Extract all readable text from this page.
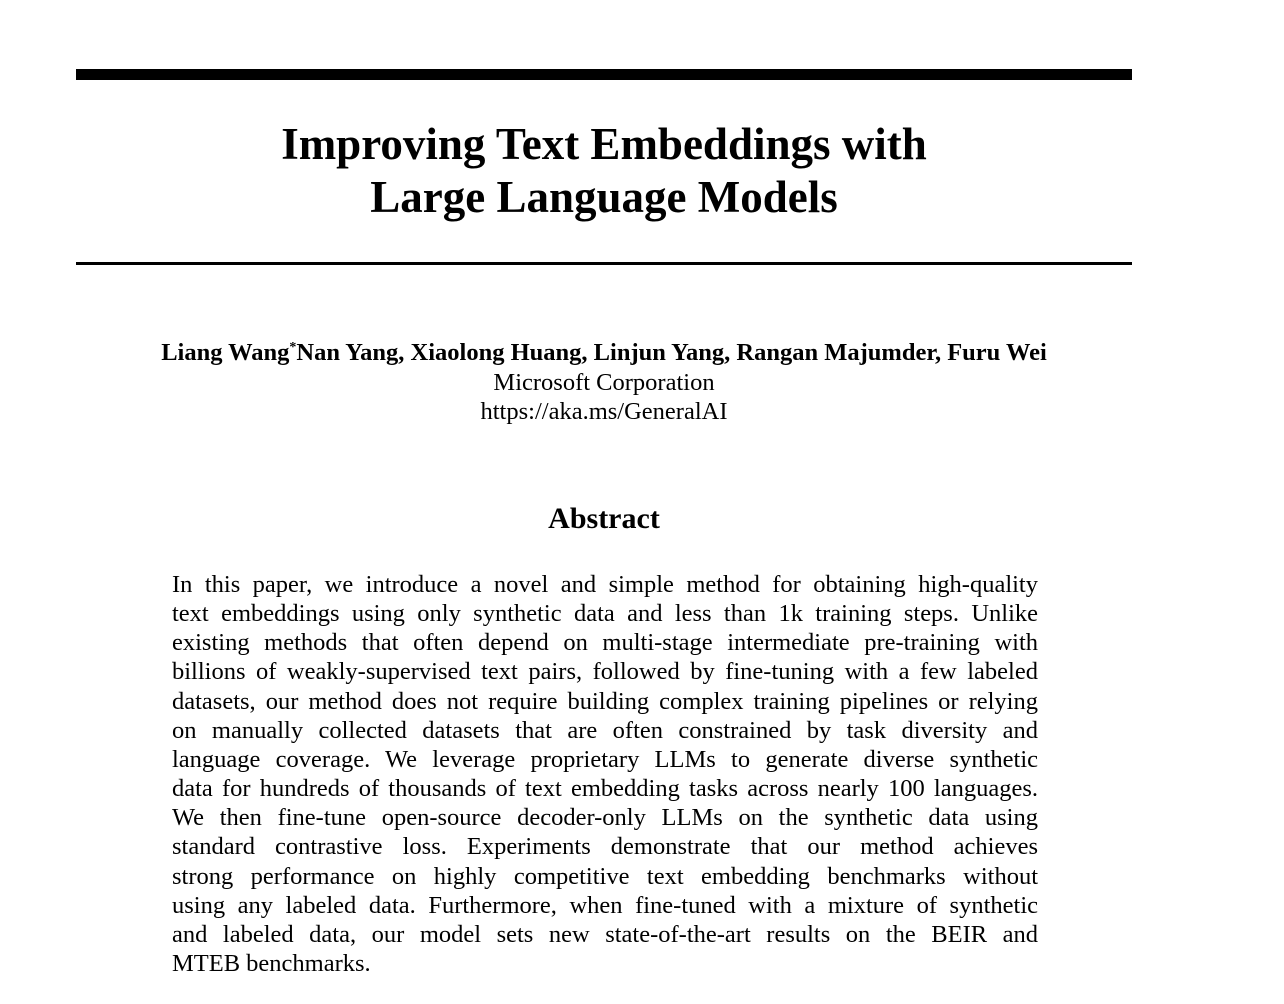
Improving Text Embeddings with
Large Language Models
Liang Wang*Nan Yang, Xiaolong Huang, Linjun Yang, Rangan Majumder, Furu Wei
Microsoft Corporation
https://aka.ms/GeneralAI
Abstract
In this paper, we introduce a novel and simple method for obtaining high-quality
text embeddings using only synthetic data and less than 1k training steps. Unlike
existing methods that often depend on multi-stage intermediate pre-training with
billions of weakly-supervised text pairs, followed by fine-tuning with a few labeled
datasets, our method does not require building complex training pipelines or relying
on manually collected datasets that are often constrained by task diversity and
language coverage. We leverage proprietary LLMs to generate diverse synthetic
data for hundreds of thousands of text embedding tasks across nearly 100 languages.
We then fine-tune open-source decoder-only LLMs on the synthetic data using
standard contrastive loss. Experiments demonstrate that our method achieves
strong performance on highly competitive text embedding benchmarks without
using any labeled data. Furthermore, when fine-tuned with a mixture of synthetic
and labeled data, our model sets new state-of-the-art results on the BEIR and
MTEB benchmarks.
